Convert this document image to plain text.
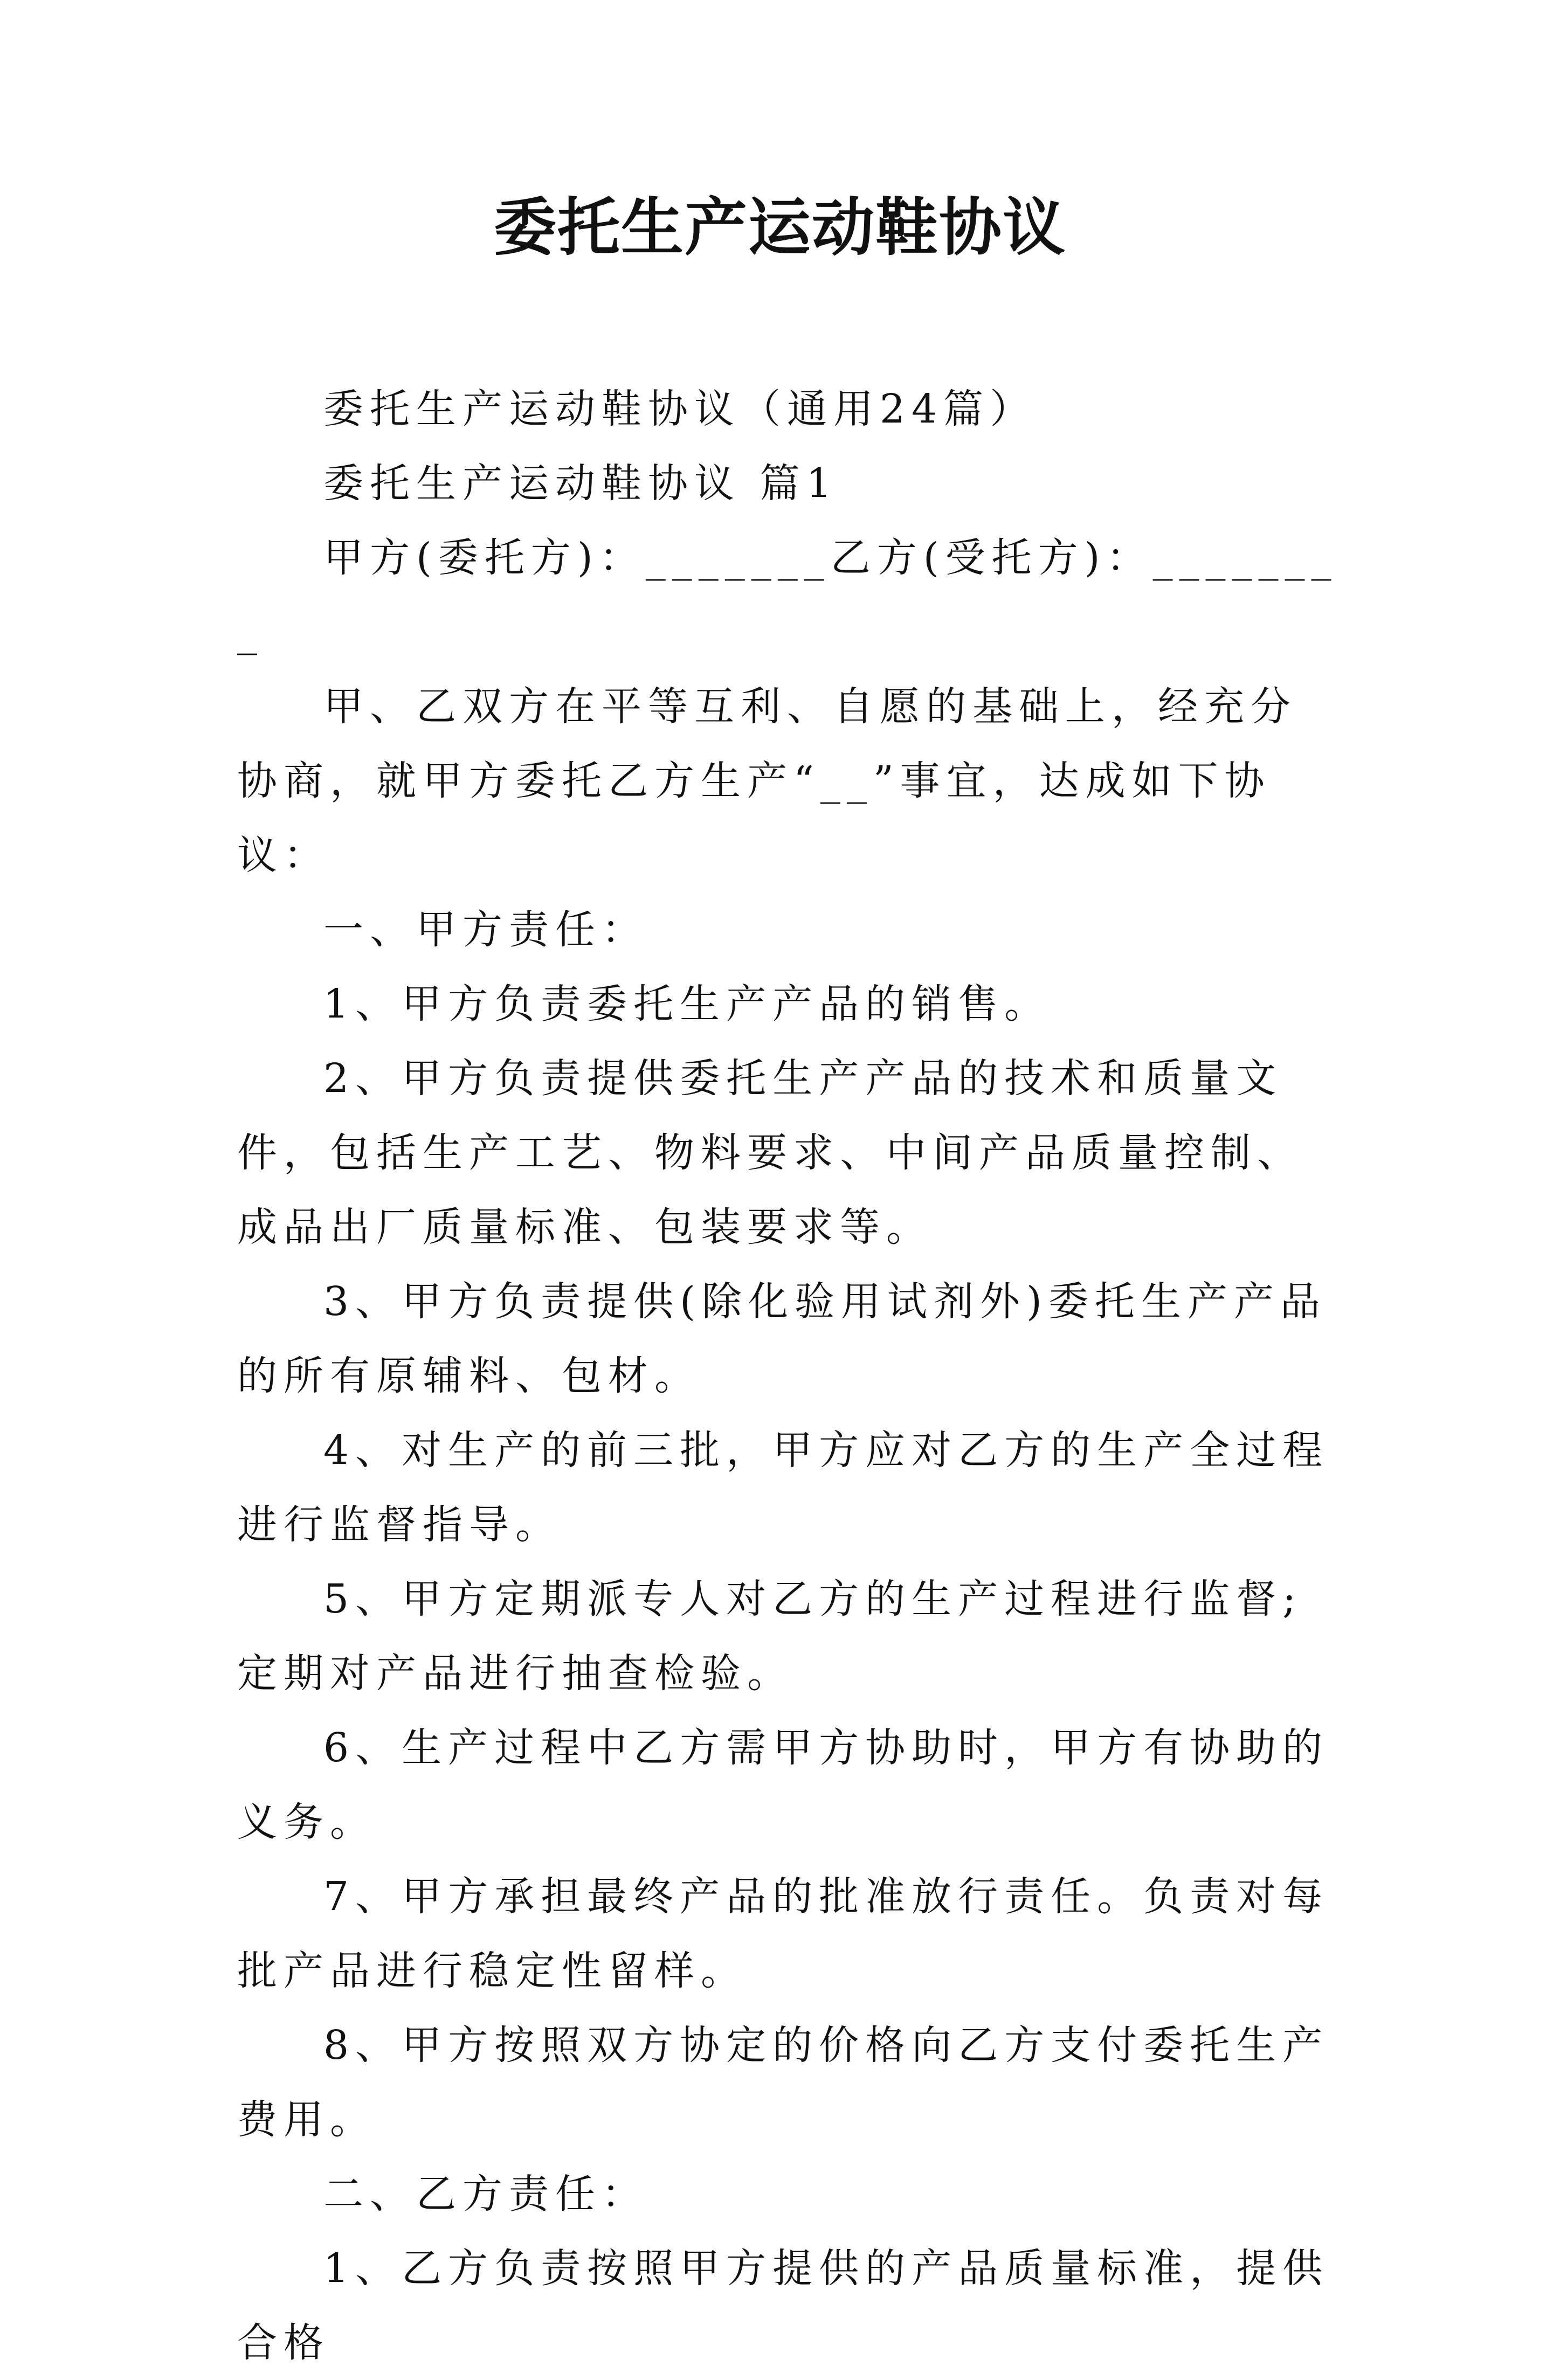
委托生产运动鞋协议

委托生产运动鞋协议（通用24篇）

委托生产运动鞋协议 篇1

甲方(委托方)：_______乙方(受托方)：________

甲、乙双方在平等互利、自愿的基础上，经充分协商，就甲方委托乙方生产“__”事宜，达成如下协议：

一、甲方责任：

1、甲方负责委托生产产品的销售。

2、甲方负责提供委托生产产品的技术和质量文件，包括生产工艺、物料要求、中间产品质量控制、成品出厂质量标准、包装要求等。

3、甲方负责提供(除化验用试剂外)委托生产产品的所有原辅料、包材。

4、对生产的前三批，甲方应对乙方的生产全过程进行监督指导。

5、甲方定期派专人对乙方的生产过程进行监督;定期对产品进行抽查检验。

6、生产过程中乙方需甲方协助时，甲方有协助的义务。

7、甲方承担最终产品的批准放行责任。负责对每批产品进行稳定性留样。

8、甲方按照双方协定的价格向乙方支付委托生产费用。

二、乙方责任：

1、乙方负责按照甲方提供的产品质量标准，提供合格
